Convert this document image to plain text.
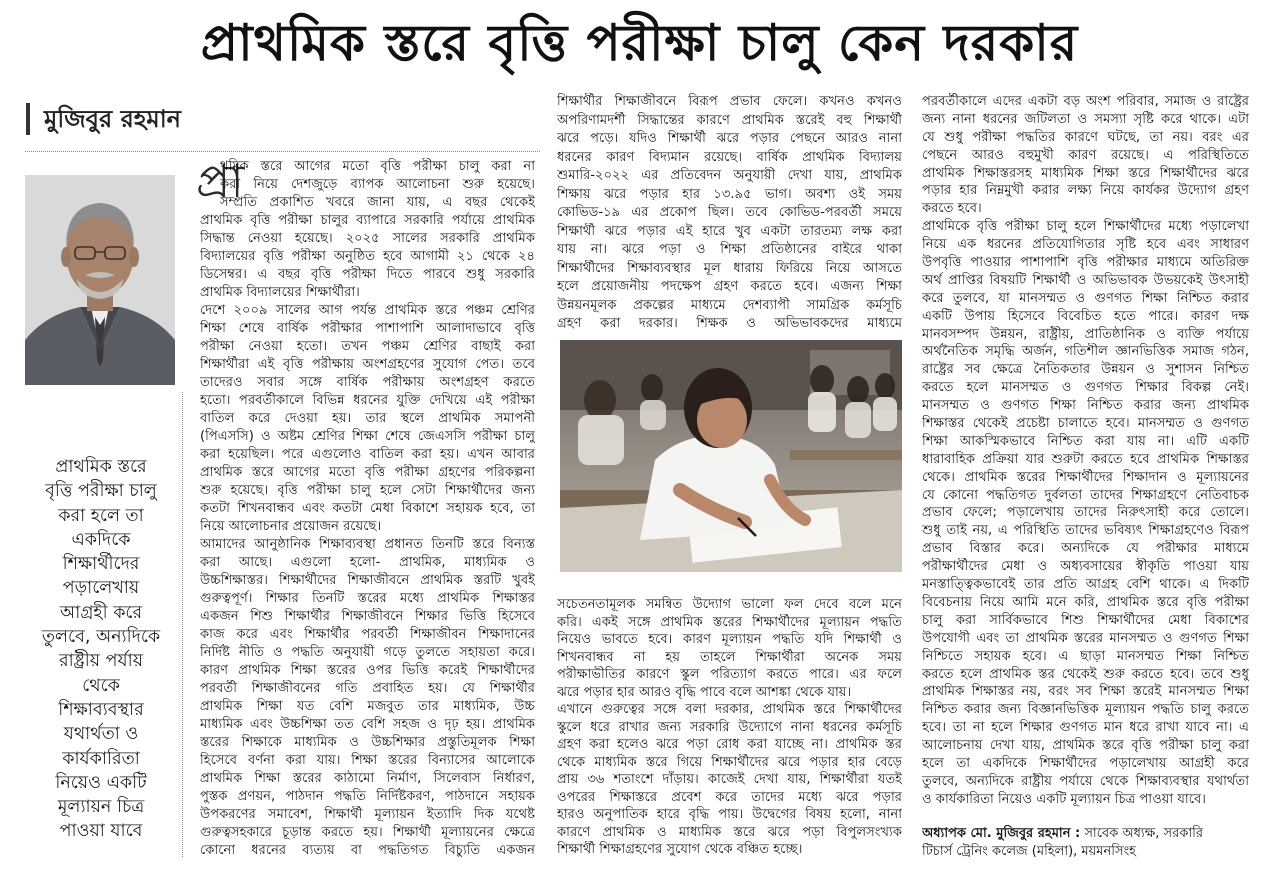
প্রাথমিক স্তরে বৃত্তি পরীক্ষা চালু কেন দরকার
মুজিবুর রহমান
প্রাথমিক স্তরে
বৃত্তি পরীক্ষা চালু
করা হলে তা
একদিকে
শিক্ষার্থীদের
পড়ালেখায়
আগ্রহী করে
তুলবে, অন্যদিকে
রাষ্ট্রীয় পর্যায়
থেকে
শিক্ষাব্যবস্থার
যথার্থতা ও
কার্যকারিতা
নিয়েও একটি
মূল্যায়ন চিত্র
পাওয়া যাবে
প্রা
থমিক স্তরে আগের মতো বৃত্তি পরীক্ষা চালু করা না
করা নিয়ে দেশজুড়ে ব্যাপক আলোচনা শুরু হয়েছে।
সম্প্রতি প্রকাশিত খবরে জানা যায়, এ বছর থেকেই
প্রাথমিক বৃত্তি পরীক্ষা চালুর ব্যাপারে সরকারি পর্যায়ে প্রাথমিক
সিদ্ধান্ত নেওয়া হয়েছে। ২০২৫ সালের সরকারি প্রাথমিক
বিদ্যালয়ের বৃত্তি পরীক্ষা অনুষ্ঠিত হবে আগামী ২১ থেকে ২৪
ডিসেম্বর। এ বছর বৃত্তি পরীক্ষা দিতে পারবে শুধু সরকারি
প্রাথমিক বিদ্যালয়ের শিক্ষার্থীরা।
দেশে ২০০৯ সালের আগ পর্যন্ত প্রাথমিক স্তরে পঞ্চম শ্রেণির
শিক্ষা শেষে বার্ষিক পরীক্ষার পাশাপাশি আলাদাভাবে বৃত্তি
পরীক্ষা নেওয়া হতো। তখন পঞ্চম শ্রেণির বাছাই করা
শিক্ষার্থীরা এই বৃত্তি পরীক্ষায় অংশগ্রহণের সুযোগ পেত। তবে
তাদেরও সবার সঙ্গে বার্ষিক পরীক্ষায় অংশগ্রহণ করতে
হতো। পরবর্তীকালে বিভিন্ন ধরনের যুক্তি দেখিয়ে এই পরীক্ষা
বাতিল করে দেওয়া হয়। তার স্থলে প্রাথমিক সমাপনী
(পিএসসি) ও অষ্টম শ্রেণির শিক্ষা শেষে জেএসসি পরীক্ষা চালু
করা হয়েছিল। পরে এগুলোও বাতিল করা হয়। এখন আবার
প্রাথমিক স্তরে আগের মতো বৃত্তি পরীক্ষা গ্রহণের পরিকল্পনা
শুরু হয়েছে। বৃত্তি পরীক্ষা চালু হলে সেটা শিক্ষার্থীদের জন্য
কতটা শিখনবান্ধব এবং কতটা মেধা বিকাশে সহায়ক হবে, তা
নিয়ে আলোচনার প্রয়োজন রয়েছে।
আমাদের আনুষ্ঠানিক শিক্ষাব্যবস্থা প্রধানত তিনটি স্তরে বিন্যস্ত
করা আছে। এগুলো হলো- প্রাথমিক, মাধ্যমিক ও
উচ্চশিক্ষাস্তর। শিক্ষার্থীদের শিক্ষাজীবনে প্রাথমিক স্তরটি খুবই
গুরুত্বপূর্ণ। শিক্ষার তিনটি স্তরের মধ্যে প্রাথমিক শিক্ষাস্তর
একজন শিশু শিক্ষার্থীর শিক্ষাজীবনে শিক্ষার ভিত্তি হিসেবে
কাজ করে এবং শিক্ষার্থীর পরবর্তী শিক্ষাজীবন শিক্ষাদানের
নির্দিষ্ট নীতি ও পদ্ধতি অনুযায়ী গড়ে তুলতে সহায়তা করে।
কারণ প্রাথমিক শিক্ষা স্তরের ওপর ভিত্তি করেই শিক্ষার্থীদের
পরবর্তী শিক্ষাজীবনের গতি প্রবাহিত হয়। যে শিক্ষার্থীর
প্রাথমিক শিক্ষা যত বেশি মজবুত তার মাধ্যমিক, উচ্চ
মাধ্যমিক এবং উচ্চশিক্ষা তত বেশি সহজ ও দৃঢ় হয়। প্রাথমিক
স্তরের শিক্ষাকে মাধ্যমিক ও উচ্চশিক্ষার প্রস্তুতিমূলক শিক্ষা
হিসেবে বর্ণনা করা যায়। শিক্ষা স্তরের বিন্যাসের আলোকে
প্রাথমিক শিক্ষা স্তরের কাঠামো নির্মাণ, সিলেবাস নির্ধারণ,
পুস্তক প্রণয়ন, পাঠদান পদ্ধতি নির্দিষ্টকরণ, পাঠদানে সহায়ক
উপকরণের সমাবেশ, শিক্ষার্থী মূল্যায়ন ইত্যাদি দিক যথেষ্ট
গুরুত্বসহকারে চূড়ান্ত করতে হয়। শিক্ষার্থী মূল্যায়নের ক্ষেত্রে
কোনো ধরনের ব্যত্যয় বা পদ্ধতিগত বিচ্যুতি একজন
শিক্ষার্থীর শিক্ষাজীবনে বিরূপ প্রভাব ফেলে। কখনও কখনও
অপরিণামদর্শী সিদ্ধান্তের কারণে প্রাথমিক স্তরেই বহু শিক্ষার্থী
ঝরে পড়ে। যদিও শিক্ষার্থী ঝরে পড়ার পেছনে আরও নানা
ধরনের কারণ বিদ্যমান রয়েছে। বার্ষিক প্রাথমিক বিদ্যালয়
শুমারি-২০২২ এর প্রতিবেদন অনুযায়ী দেখা যায়, প্রাথমিক
শিক্ষায় ঝরে পড়ার হার ১৩.৯৫ ভাগ। অবশ্য ওই সময়
কোভিড-১৯ এর প্রকোপ ছিল। তবে কোভিড-পরবর্তী সময়ে
শিক্ষার্থী ঝরে পড়ার এই হারে খুব একটা তারতম্য লক্ষ করা
যায় না। ঝরে পড়া ও শিক্ষা প্রতিষ্ঠানের বাইরে থাকা
শিক্ষার্থীদের শিক্ষাব্যবস্থার মূল ধারায় ফিরিয়ে নিয়ে আসতে
হলে প্রয়োজনীয় পদক্ষেপ গ্রহণ করতে হবে। এজন্য শিক্ষা
উন্নয়নমূলক প্রকল্পের মাধ্যমে দেশব্যাপী সামগ্রিক কর্মসূচি
গ্রহণ করা দরকার। শিক্ষক ও অভিভাবকদের মাধ্যমে
সচেতনতামূলক সমন্বিত উদ্যোগ ভালো ফল দেবে বলে মনে
করি। একই সঙ্গে প্রাথমিক স্তরের শিক্ষার্থীদের মূল্যায়ন পদ্ধতি
নিয়েও ভাবতে হবে। কারণ মূল্যায়ন পদ্ধতি যদি শিক্ষার্থী ও
শিখনবান্ধব না হয় তাহলে শিক্ষার্থীরা অনেক সময়
পরীক্ষাভীতির কারণে স্কুল পরিত্যাগ করতে পারে। এর ফলে
ঝরে পড়ার হার আরও বৃদ্ধি পাবে বলে আশঙ্কা থেকে যায়।
এখানে গুরুত্বের সঙ্গে বলা দরকার, প্রাথমিক স্তরে শিক্ষার্থীদের
স্কুলে ধরে রাখার জন্য সরকারি উদ্যোগে নানা ধরনের কর্মসূচি
গ্রহণ করা হলেও ঝরে পড়া রোধ করা যাচ্ছে না। প্রাথমিক স্তর
থেকে মাধ্যমিক স্তরে গিয়ে শিক্ষার্থীদের ঝরে পড়ার হার বেড়ে
প্রায় ৩৬ শতাংশে দাঁড়ায়। কাজেই দেখা যায়, শিক্ষার্থীরা যতই
ওপরের শিক্ষাস্তরে প্রবেশ করে তাদের মধ্যে ঝরে পড়ার
হারও অনুপাতিক হারে বৃদ্ধি পায়। উদ্বেগের বিষয় হলো, নানা
কারণে প্রাথমিক ও মাধ্যমিক স্তরে ঝরে পড়া বিপুলসংখ্যক
শিক্ষার্থী শিক্ষাগ্রহণের সুযোগ থেকে বঞ্চিত হচ্ছে।
পরবর্তীকালে এদের একটা বড় অংশ পরিবার, সমাজ ও রাষ্ট্রের
জন্য নানা ধরনের জটিলতা ও সমস্যা সৃষ্টি করে থাকে। এটা
যে শুধু পরীক্ষা পদ্ধতির কারণে ঘটছে, তা নয়। বরং এর
পেছনে আরও বহুমুখী কারণ রয়েছে। এ পরিস্থিতিতে
প্রাথমিক শিক্ষাস্তরসহ মাধ্যমিক শিক্ষা স্তরে শিক্ষার্থীদের ঝরে
পড়ার হার নিম্নমুখী করার লক্ষ্য নিয়ে কার্যকর উদ্যোগ গ্রহণ
করতে হবে।
প্রাথমিকে বৃত্তি পরীক্ষা চালু হলে শিক্ষার্থীদের মধ্যে পড়ালেখা
নিয়ে এক ধরনের প্রতিযোগিতার সৃষ্টি হবে এবং সাধারণ
উপবৃত্তি পাওয়ার পাশাপাশি বৃত্তি পরীক্ষার মাধ্যমে অতিরিক্ত
অর্থ প্রাপ্তির বিষয়টি শিক্ষার্থী ও অভিভাবক উভয়কেই উৎসাহী
করে তুলবে, যা মানসম্মত ও গুণগত শিক্ষা নিশ্চিত করার
একটি উপায় হিসেবে বিবেচিত হতে পারে। কারণ দক্ষ
মানবসম্পদ উন্নয়ন, রাষ্ট্রীয়, প্রাতিষ্ঠানিক ও ব্যক্তি পর্যায়ে
অর্থনৈতিক সমৃদ্ধি অর্জন, গতিশীল জ্ঞানভিত্তিক সমাজ গঠন,
রাষ্ট্রের সব ক্ষেত্রে নৈতিকতার উন্নয়ন ও সুশাসন নিশ্চিত
করতে হলে মানসম্মত ও গুণগত শিক্ষার বিকল্প নেই।
মানসম্মত ও গুণগত শিক্ষা নিশ্চিত করার জন্য প্রাথমিক
শিক্ষাস্তর থেকেই প্রচেষ্টা চালাতে হবে। মানসম্মত ও গুণগত
শিক্ষা আকস্মিকভাবে নিশ্চিত করা যায় না। এটি একটি
ধারাবাহিক প্রক্রিয়া যার শুরুটা করতে হবে প্রাথমিক শিক্ষাস্তর
থেকে। প্রাথমিক স্তরের শিক্ষার্থীদের শিক্ষাদান ও মূল্যায়নের
যে কোনো পদ্ধতিগত দুর্বলতা তাদের শিক্ষাগ্রহণে নেতিবাচক
প্রভাব ফেলে; পড়ালেখায় তাদের নিরুৎসাহী করে তোলে।
শুধু তাই নয়, এ পরিস্থিতি তাদের ভবিষ্যৎ শিক্ষাগ্রহণেও বিরূপ
প্রভাব বিস্তার করে। অন্যদিকে যে পরীক্ষার মাধ্যমে
পরীক্ষার্থীদের মেধা ও অধ্যবসায়ের স্বীকৃতি পাওয়া যায়
মনস্তাত্ত্বিকভাবেই তার প্রতি আগ্রহ বেশি থাকে। এ দিকটি
বিবেচনায় নিয়ে আমি মনে করি, প্রাথমিক স্তরে বৃত্তি পরীক্ষা
চালু করা সার্বিকভাবে শিশু শিক্ষার্থীদের মেধা বিকাশের
উপযোগী এবং তা প্রাথমিক স্তরের মানসম্মত ও গুণগত শিক্ষা
নিশ্চিতে সহায়ক হবে। এ ছাড়া মানসম্মত শিক্ষা নিশ্চিত
করতে হলে প্রাথমিক স্তর থেকেই শুরু করতে হবে। তবে শুধু
প্রাথমিক শিক্ষাস্তর নয়, বরং সব শিক্ষা স্তরেই মানসম্মত শিক্ষা
নিশ্চিত করার জন্য বিজ্ঞানভিত্তিক মূল্যায়ন পদ্ধতি চালু করতে
হবে। তা না হলে শিক্ষার গুণগত মান ধরে রাখা যাবে না। এ
আলোচনায় দেখা যায়, প্রাথমিক স্তরে বৃত্তি পরীক্ষা চালু করা
হলে তা একদিকে শিক্ষার্থীদের পড়ালেখায় আগ্রহী করে
তুলবে, অন্যদিকে রাষ্ট্রীয় পর্যায়ে থেকে শিক্ষাব্যবস্থার যথার্থতা
ও কার্যকারিতা নিয়েও একটি মূল্যায়ন চিত্র পাওয়া যাবে।
অধ্যাপক মো. মুজিবুর রহমান : সাবেক অধ্যক্ষ, সরকারি
টিচার্স ট্রেনিং কলেজ (মহিলা), ময়মনসিংহ
